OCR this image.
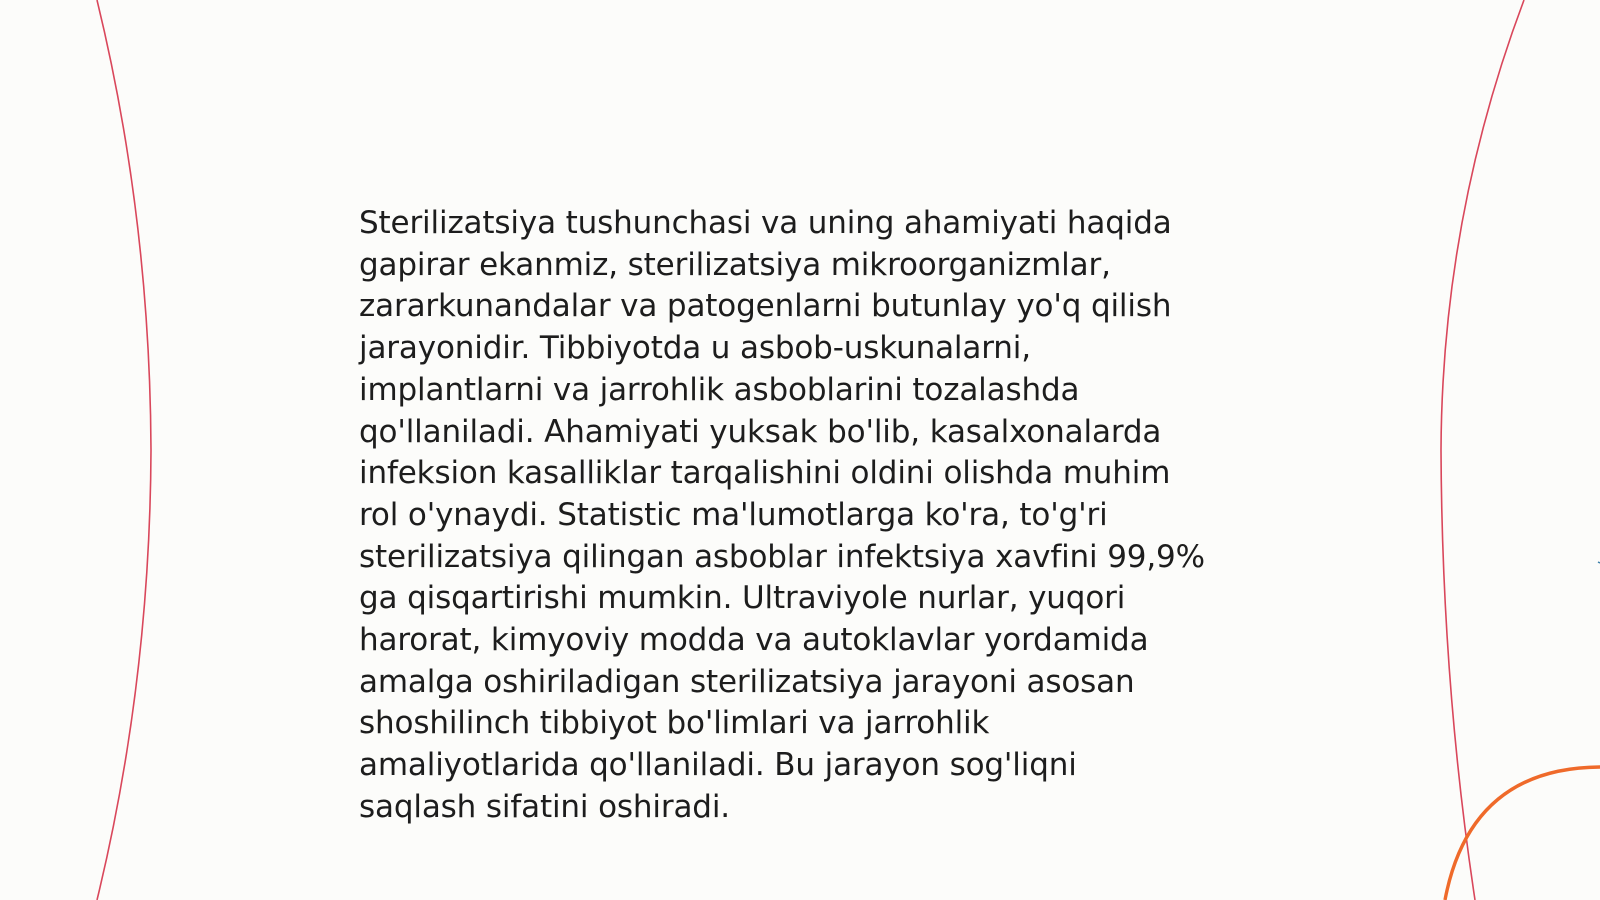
Sterilizatsiya tushunchasi va uning ahamiyati haqida
gapirar ekanmiz, sterilizatsiya mikroorganizmlar,
zararkunandalar va patogenlarni butunlay yo'q qilish
jarayonidir. Tibbiyotda u asbob-uskunalarni,
implantlarni va jarrohlik asboblarini tozalashda
qo'llaniladi. Ahamiyati yuksak bo'lib, kasalxonalarda
infeksion kasalliklar tarqalishini oldini olishda muhim
rol o'ynaydi. Statistic ma'lumotlarga ko'ra, to'g'ri
sterilizatsiya qilingan asboblar infektsiya xavfini 99,9%
ga qisqartirishi mumkin. Ultraviyole nurlar, yuqori
harorat, kimyoviy modda va autoklavlar yordamida
amalga oshiriladigan sterilizatsiya jarayoni asosan
shoshilinch tibbiyot bo'limlari va jarrohlik
amaliyotlarida qo'llaniladi. Bu jarayon sog'liqni
saqlash sifatini oshiradi.
